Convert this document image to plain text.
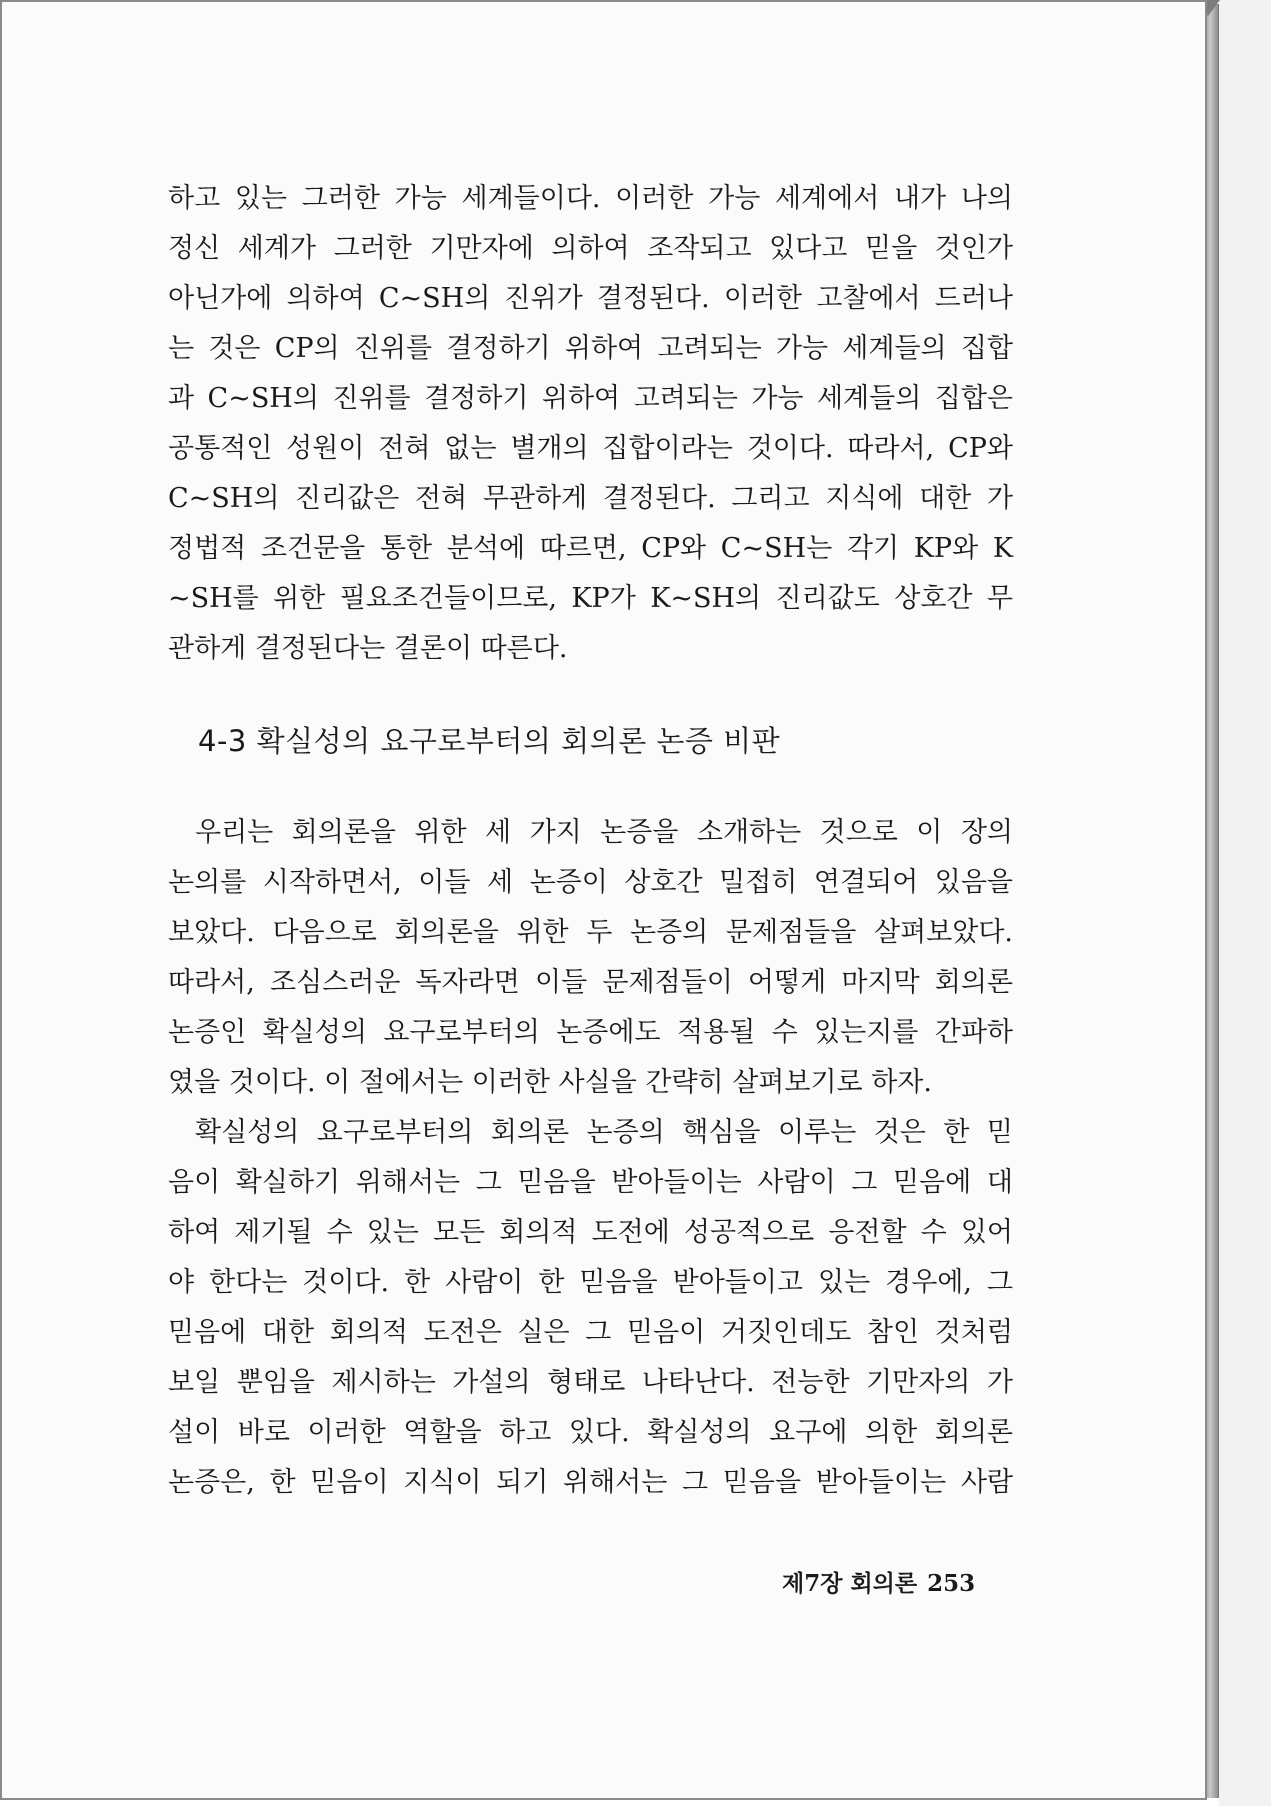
하고 있는 그러한 가능 세계들이다. 이러한 가능 세계에서 내가 나의
정신 세계가 그러한 기만자에 의하여 조작되고 있다고 믿을 것인가
아닌가에 의하여 C~SH의 진위가 결정된다. 이러한 고찰에서 드러나
는 것은 CP의 진위를 결정하기 위하여 고려되는 가능 세계들의 집합
과 C~SH의 진위를 결정하기 위하여 고려되는 가능 세계들의 집합은
공통적인 성원이 전혀 없는 별개의 집합이라는 것이다. 따라서, CP와
C~SH의 진리값은 전혀 무관하게 결정된다. 그리고 지식에 대한 가
정법적 조건문을 통한 분석에 따르면, CP와 C~SH는 각기 KP와 K
~SH를 위한 필요조건들이므로, KP가 K~SH의 진리값도 상호간 무
관하게 결정된다는 결론이 따른다.
4-3 확실성의 요구로부터의 회의론 논증 비판
우리는 회의론을 위한 세 가지 논증을 소개하는 것으로 이 장의
논의를 시작하면서, 이들 세 논증이 상호간 밀접히 연결되어 있음을
보았다. 다음으로 회의론을 위한 두 논증의 문제점들을 살펴보았다.
따라서, 조심스러운 독자라면 이들 문제점들이 어떻게 마지막 회의론
논증인 확실성의 요구로부터의 논증에도 적용될 수 있는지를 간파하
였을 것이다. 이 절에서는 이러한 사실을 간략히 살펴보기로 하자.
확실성의 요구로부터의 회의론 논증의 핵심을 이루는 것은 한 믿
음이 확실하기 위해서는 그 믿음을 받아들이는 사람이 그 믿음에 대
하여 제기될 수 있는 모든 회의적 도전에 성공적으로 응전할 수 있어
야 한다는 것이다. 한 사람이 한 믿음을 받아들이고 있는 경우에, 그
믿음에 대한 회의적 도전은 실은 그 믿음이 거짓인데도 참인 것처럼
보일 뿐임을 제시하는 가설의 형태로 나타난다. 전능한 기만자의 가
설이 바로 이러한 역할을 하고 있다. 확실성의 요구에 의한 회의론
논증은, 한 믿음이 지식이 되기 위해서는 그 믿음을 받아들이는 사람
제7장 회의론 253
